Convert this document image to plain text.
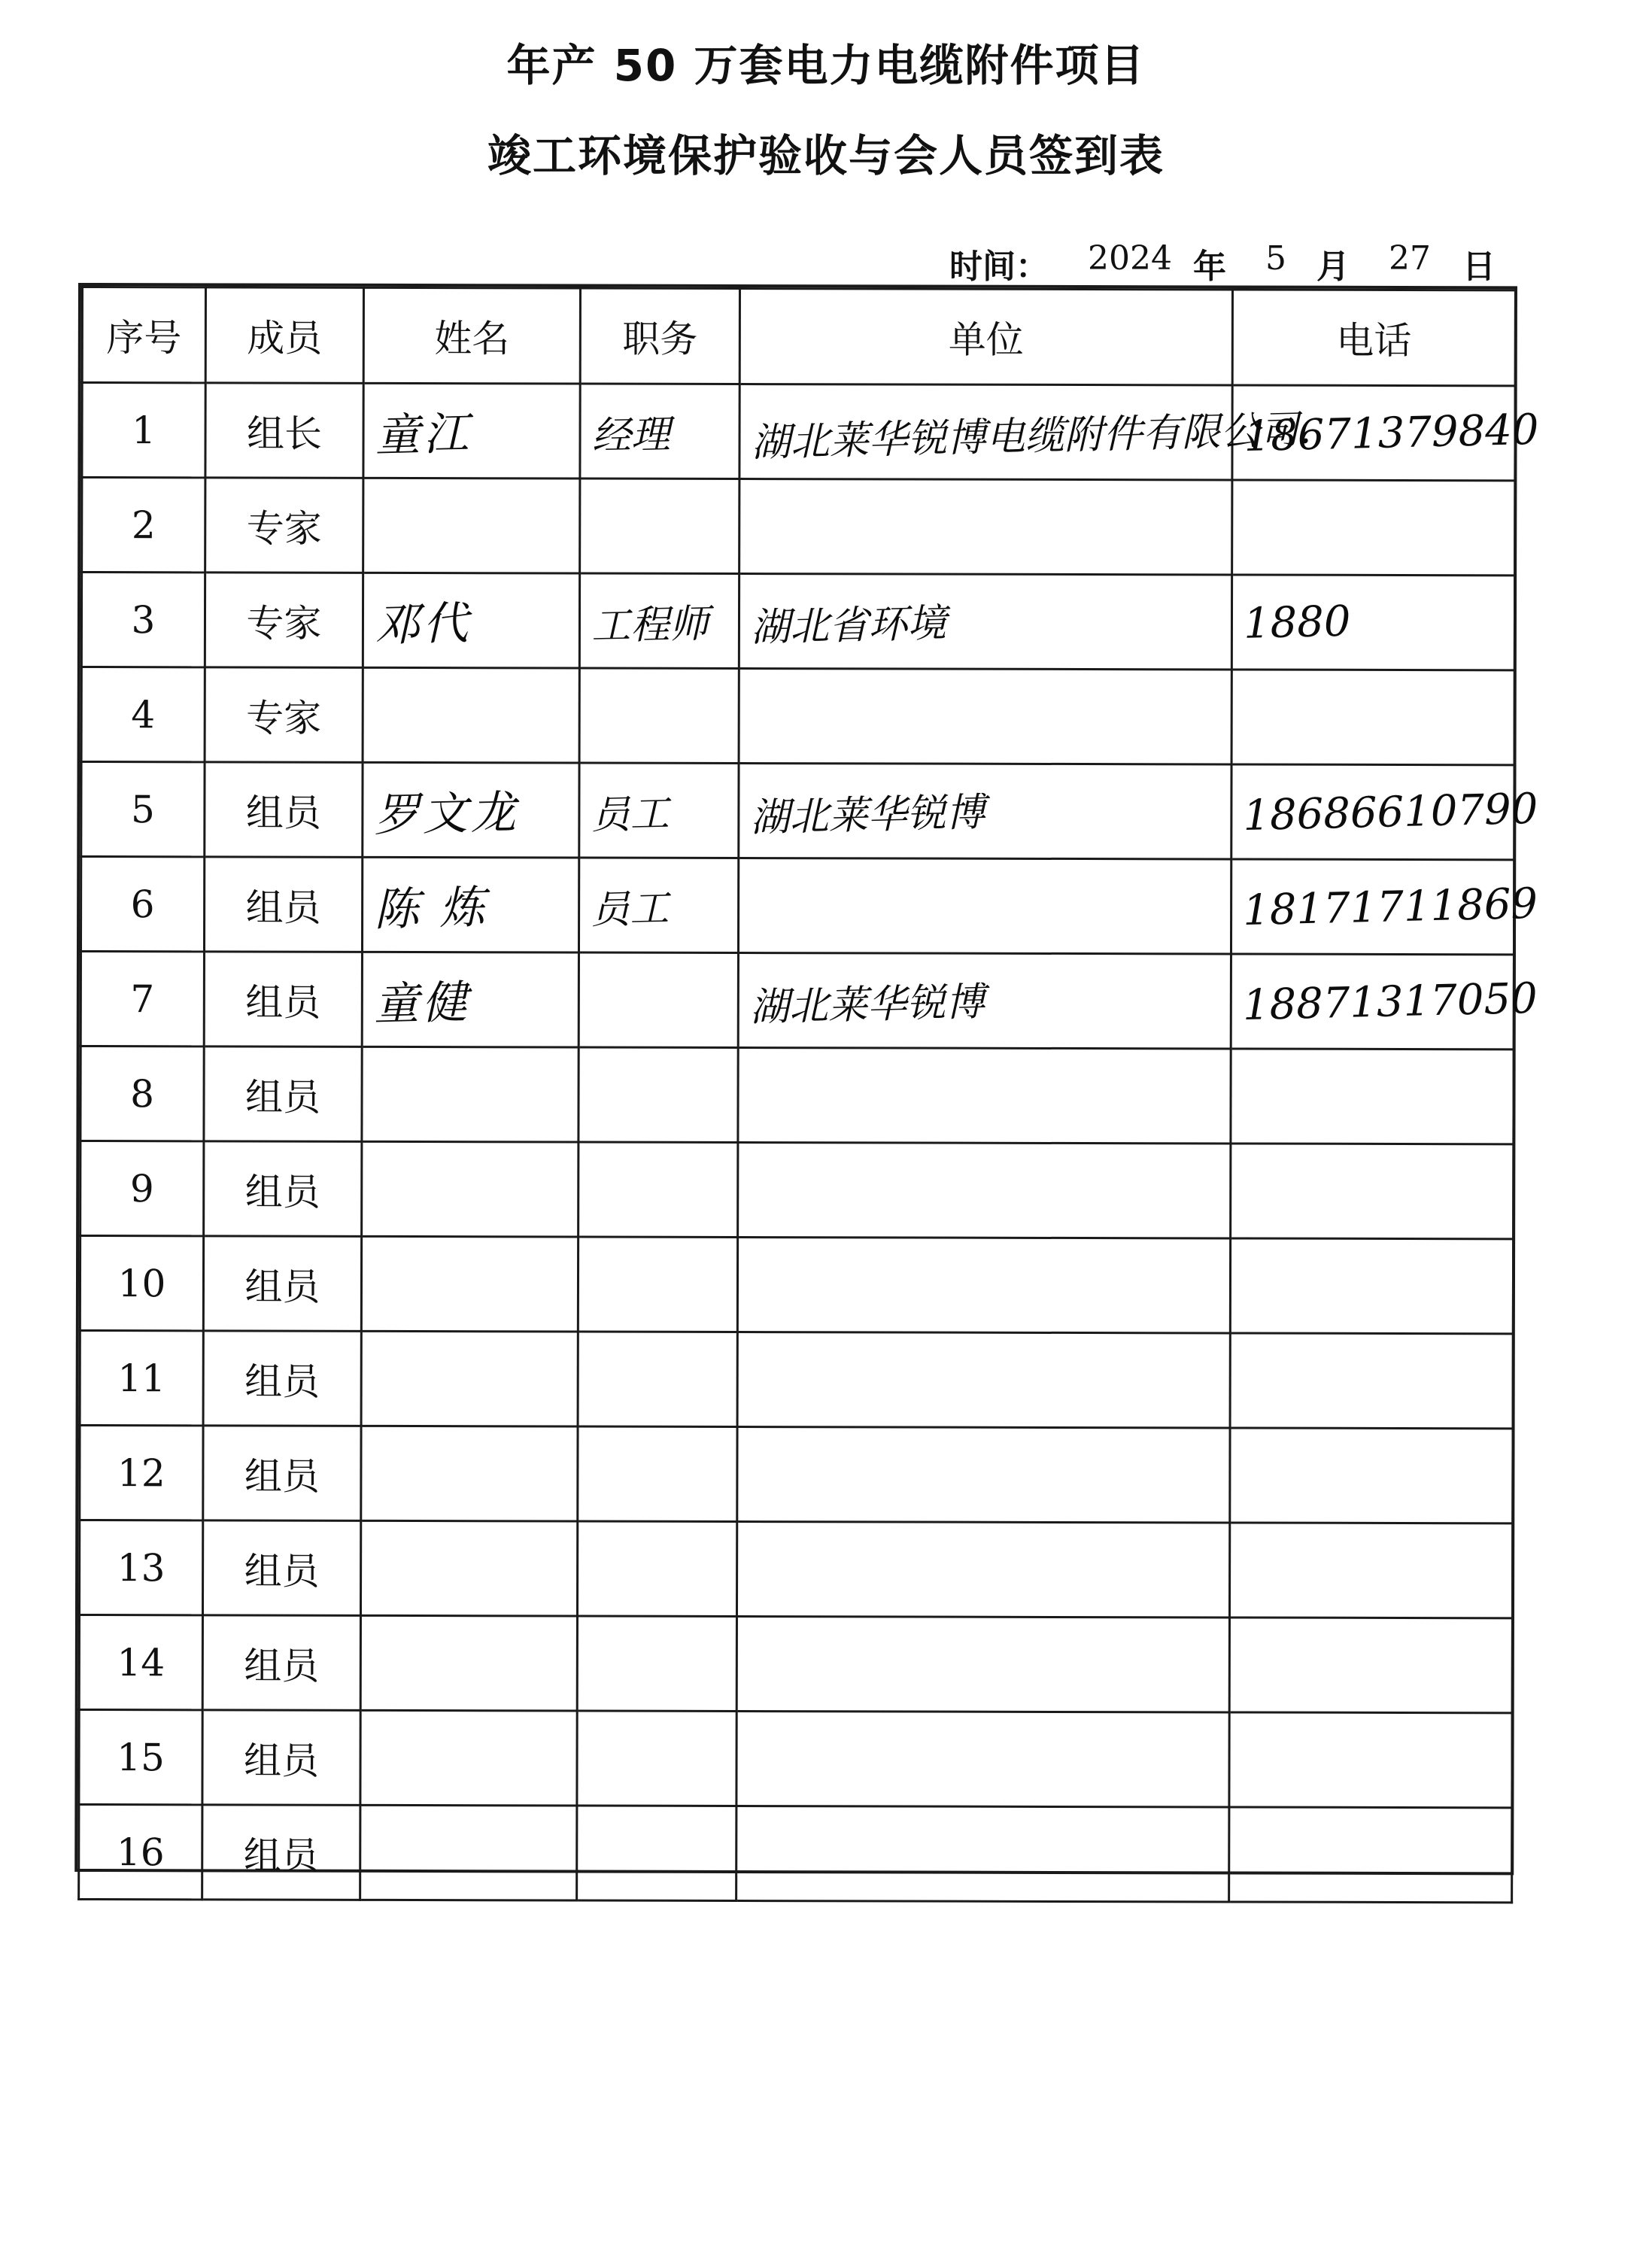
年产 50 万套电力电缆附件项目
竣工环境保护验收与会人员签到表
时间： 2024 年 5 月 27 日
序号	成员	姓名	职务	单位	电话
1	组长	童江	经理	湖北莱华锐博电缆附件有限公司.	18671379840

2	专家	

3	专家	邓代	工程师	湖北省环境	1880

4	专家	

5	组员	罗文龙	员工	湖北莱华锐博	18686610790

6	组员	陈 炼	员工		18171711869

7	组员	童健		湖北莱华锐博	18871317050

8	组员	

9	组员	

10	组员	

11	组员	

12	组员	

13	组员	

14	组员	

15	组员	

16	组员	
